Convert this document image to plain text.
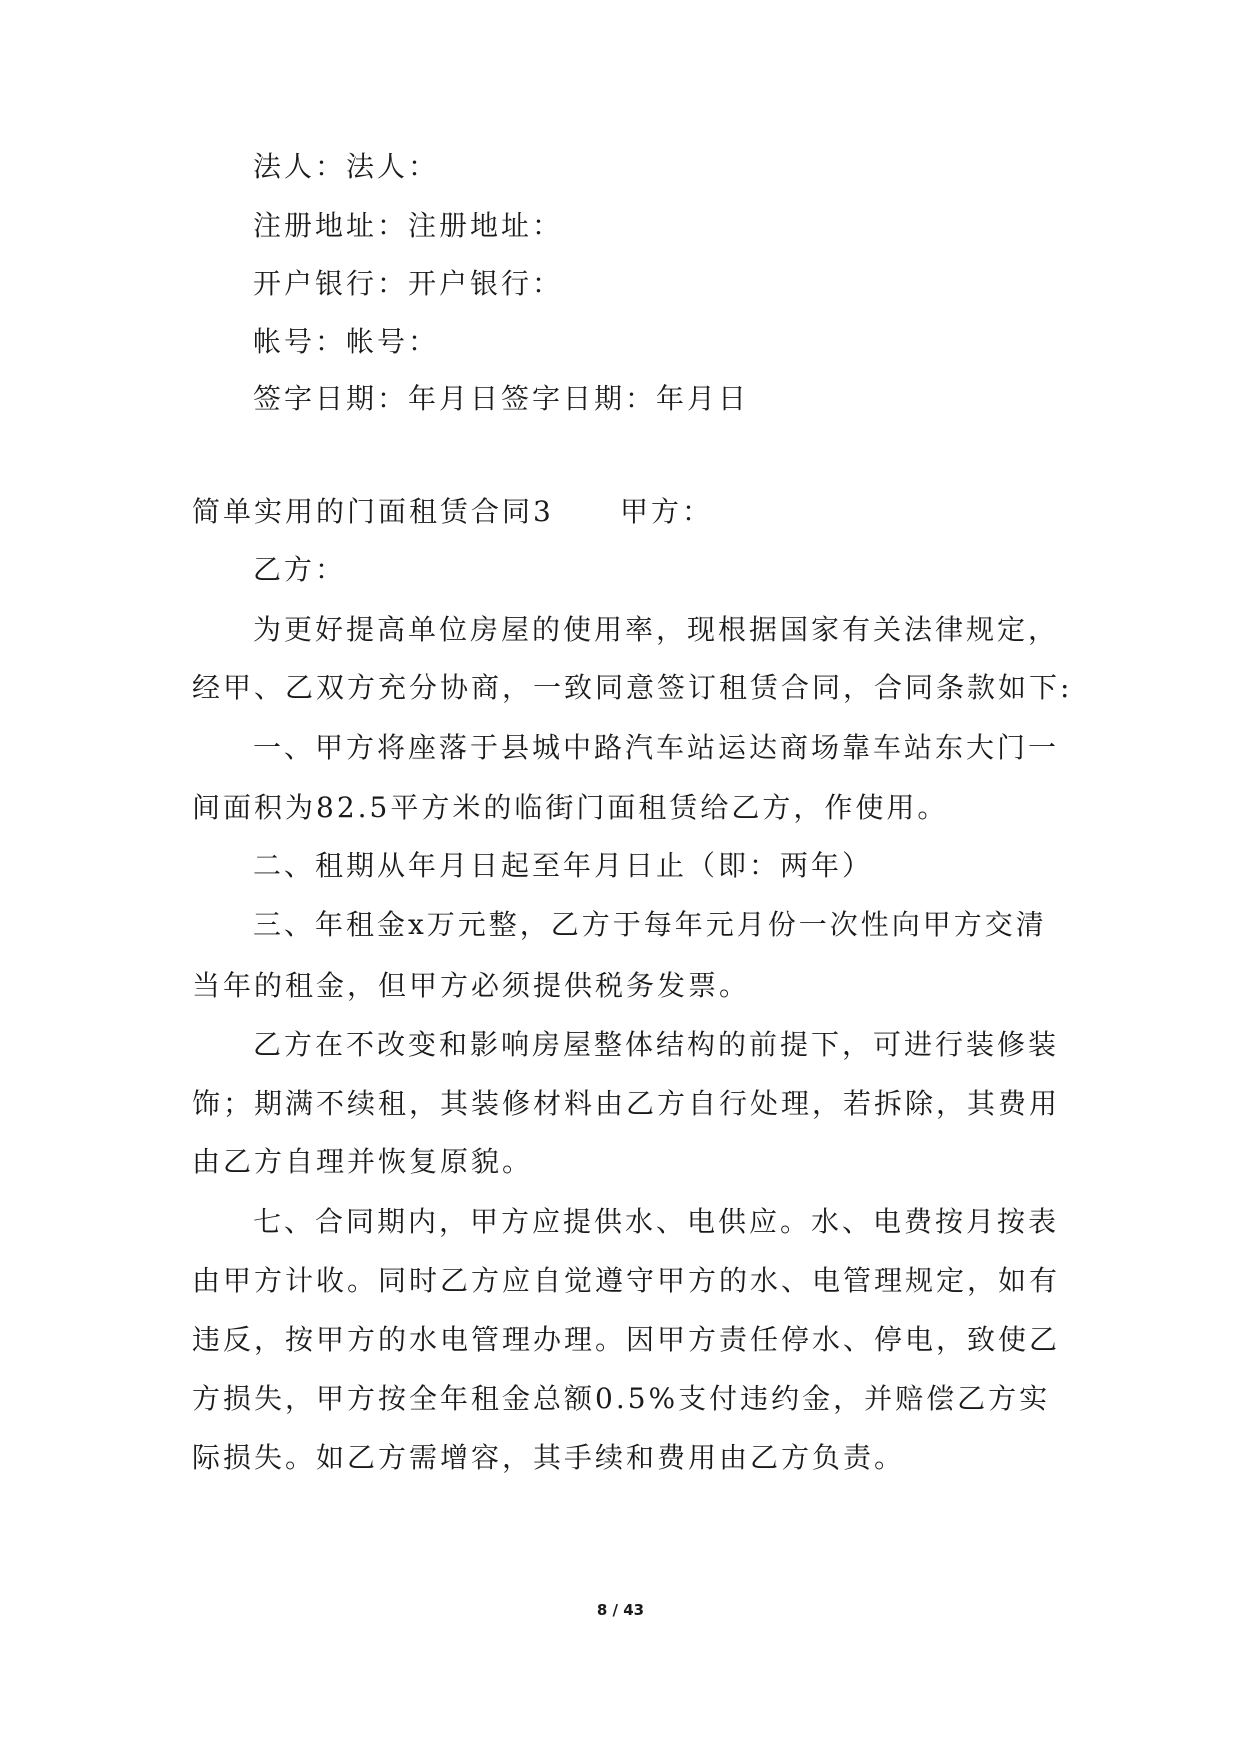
法人：法人：
注册地址：注册地址：
开户银行：开户银行：
帐号：帐号：
签字日期：年月日签字日期：年月日
简单实用的门面租赁合同3 甲方：
乙方：
为更好提高单位房屋的使用率，现根据国家有关法律规定，
经甲、乙双方充分协商，一致同意签订租赁合同，合同条款如下:
一、甲方将座落于县城中路汽车站运达商场靠车站东大门一
间面积为82.5平方米的临街门面租赁给乙方，作使用。
二、租期从年月日起至年月日止（即：两年）
三、年租金x万元整，乙方于每年元月份一次性向甲方交清
当年的租金，但甲方必须提供税务发票。
乙方在不改变和影响房屋整体结构的前提下，可进行装修装
饰；期满不续租，其装修材料由乙方自行处理，若拆除，其费用
由乙方自理并恢复原貌。
七、合同期内，甲方应提供水、电供应。水、电费按月按表
由甲方计收。同时乙方应自觉遵守甲方的水、电管理规定，如有
违反，按甲方的水电管理办理。因甲方责任停水、停电，致使乙
方损失，甲方按全年租金总额0.5%支付违约金，并赔偿乙方实
际损失。如乙方需增容，其手续和费用由乙方负责。
8 / 43
